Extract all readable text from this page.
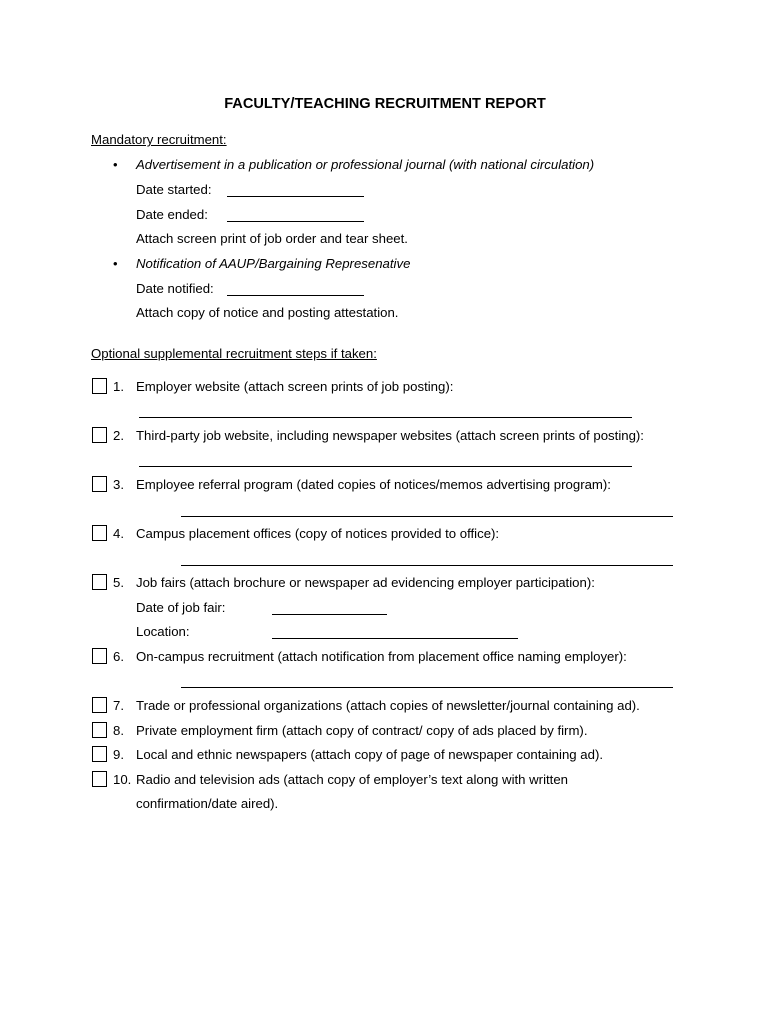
FACULTY/TEACHING RECRUITMENT REPORT
Mandatory recruitment:
• Advertisement in a publication or professional journal (with national circulation)
Date started:
Date ended:
Attach screen print of job order and tear sheet.
• Notification of AAUP/Bargaining Represenative
Date notified:
Attach copy of notice and posting attestation.
Optional supplemental recruitment steps if taken:
1. Employer website (attach screen prints of job posting):
2. Third-party job website, including newspaper websites (attach screen prints of posting):
3. Employee referral program (dated copies of notices/memos advertising program):
4. Campus placement offices (copy of notices provided to office):
5. Job fairs (attach brochure or newspaper ad evidencing employer participation):
Date of job fair:
Location:
6. On-campus recruitment (attach notification from placement office naming employer):
7. Trade or professional organizations (attach copies of newsletter/journal containing ad).
8. Private employment firm (attach copy of contract/ copy of ads placed by firm).
9. Local and ethnic newspapers (attach copy of page of newspaper containing ad).
10. Radio and television ads (attach copy of employer’s text along with written
confirmation/date aired).
